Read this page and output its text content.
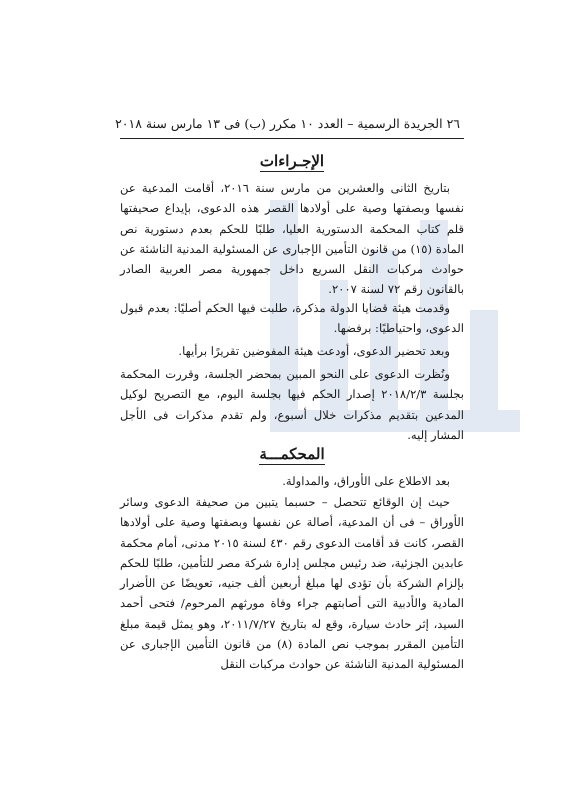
٢٦ الجريدة الرسمية – العدد ١٠ مكرر (ب) فى ١٣ مارس سنة ٢٠١٨
الإجـراءات
بتاريخ الثانى والعشرين من مارس سنة ٢٠١٦، أقامت المدعية عن نفسها وبصفتها وصية على أولادها القصر هذه الدعوى، بإيداع صحيفتها قلم كتاب المحكمة الدستورية العليا، طلبًا للحكم بعدم دستورية نص المادة (١٥) من قانون التأمين الإجبارى عن المسئولية المدنية الناشئة عن حوادث مركبات النقل السريع داخل جمهورية مصر العربية الصادر بالقانون رقم ٧٢ لسنة ٢٠٠٧.
وقدمت هيئة قضايا الدولة مذكرة، طلبت فيها الحكم أصليًا: بعدم قبول الدعوى، واحتياطيًا: برفضها.
وبعد تحضير الدعوى، أودعت هيئة المفوضين تقريرًا برأيها.
ونُظرت الدعوى على النحو المبين بمحضر الجلسة، وقررت المحكمة بجلسة ٢٠١٨/٢/٣ إصدار الحكم فيها بجلسة اليوم، مع التصريح لوكيل المدعين بتقديم مذكرات خلال أسبوع، ولم تقدم مذكرات فى الأجل المشار إليه.
المحكمـــة
بعد الاطلاع على الأوراق، والمداولة.
حيث إن الوقائع تتحصل – حسبما يتبين من صحيفة الدعوى وسائر الأوراق – فى أن المدعية، أصالة عن نفسها وبصفتها وصية على أولادها القصر، كانت قد أقامت الدعوى رقم ٤٣٠ لسنة ٢٠١٥ مدنى، أمام محكمة عابدين الجزئية، ضد رئيس مجلس إدارة شركة مصر للتأمين، طلبًا للحكم بإلزام الشركة بأن تؤدى لها مبلغ أربعين ألف جنيه، تعويضًا عن الأضرار المادية والأدبية التى أصابتهم جراء وفاة مورثهم المرحوم/ فتحى أحمد السيد، إثر حادث سيارة، وقع له بتاريخ ٢٠١١/٧/٢٧، وهو يمثل قيمة مبلغ التأمين المقرر بموجب نص المادة (٨) من قانون التأمين الإجبارى عن المسئولية المدنية الناشئة عن حوادث مركبات النقل
